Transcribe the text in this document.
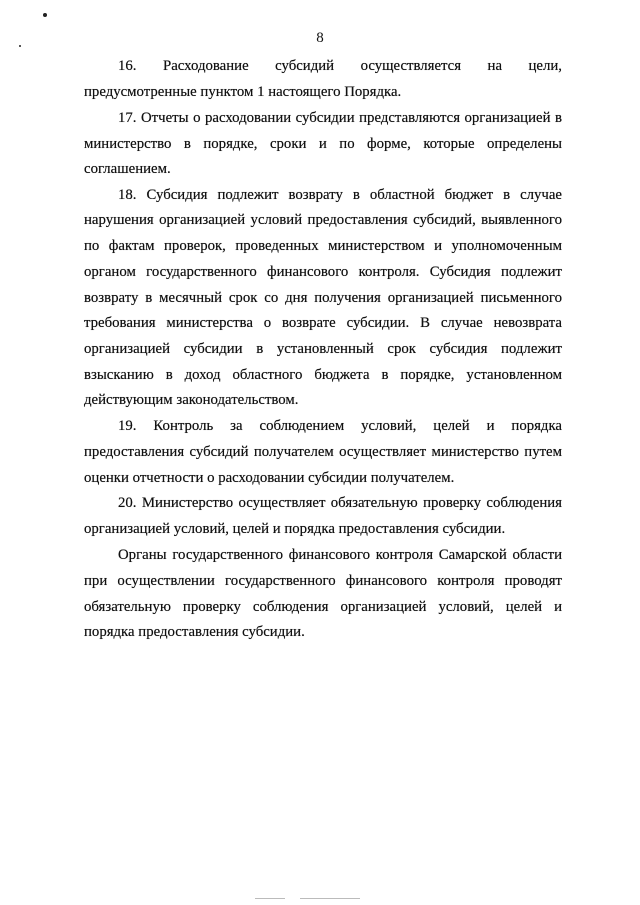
8
16. Расходование субсидий осуществляется на цели,
предусмотренные пунктом 1 настоящего Порядка.
17. Отчеты о расходовании субсидии представляются организацией в
министерство в порядке, сроки и по форме, которые определены
соглашением.
18. Субсидия подлежит возврату в областной бюджет в случае
нарушения организацией условий предоставления субсидий, выявленного
по фактам проверок, проведенных министерством и уполномоченным
органом государственного финансового контроля. Субсидия подлежит
возврату в месячный срок со дня получения организацией письменного
требования министерства о возврате субсидии. В случае невозврата
организацией субсидии в установленный срок субсидия подлежит
взысканию в доход областного бюджета в порядке, установленном
действующим законодательством.
19. Контроль за соблюдением условий, целей и порядка
предоставления субсидий получателем осуществляет министерство путем
оценки отчетности о расходовании субсидии получателем.
20. Министерство осуществляет обязательную проверку соблюдения
организацией условий, целей и порядка предоставления субсидии.
Органы государственного финансового контроля Самарской области
при осуществлении государственного финансового контроля проводят
обязательную проверку соблюдения организацией условий, целей и
порядка предоставления субсидии.
